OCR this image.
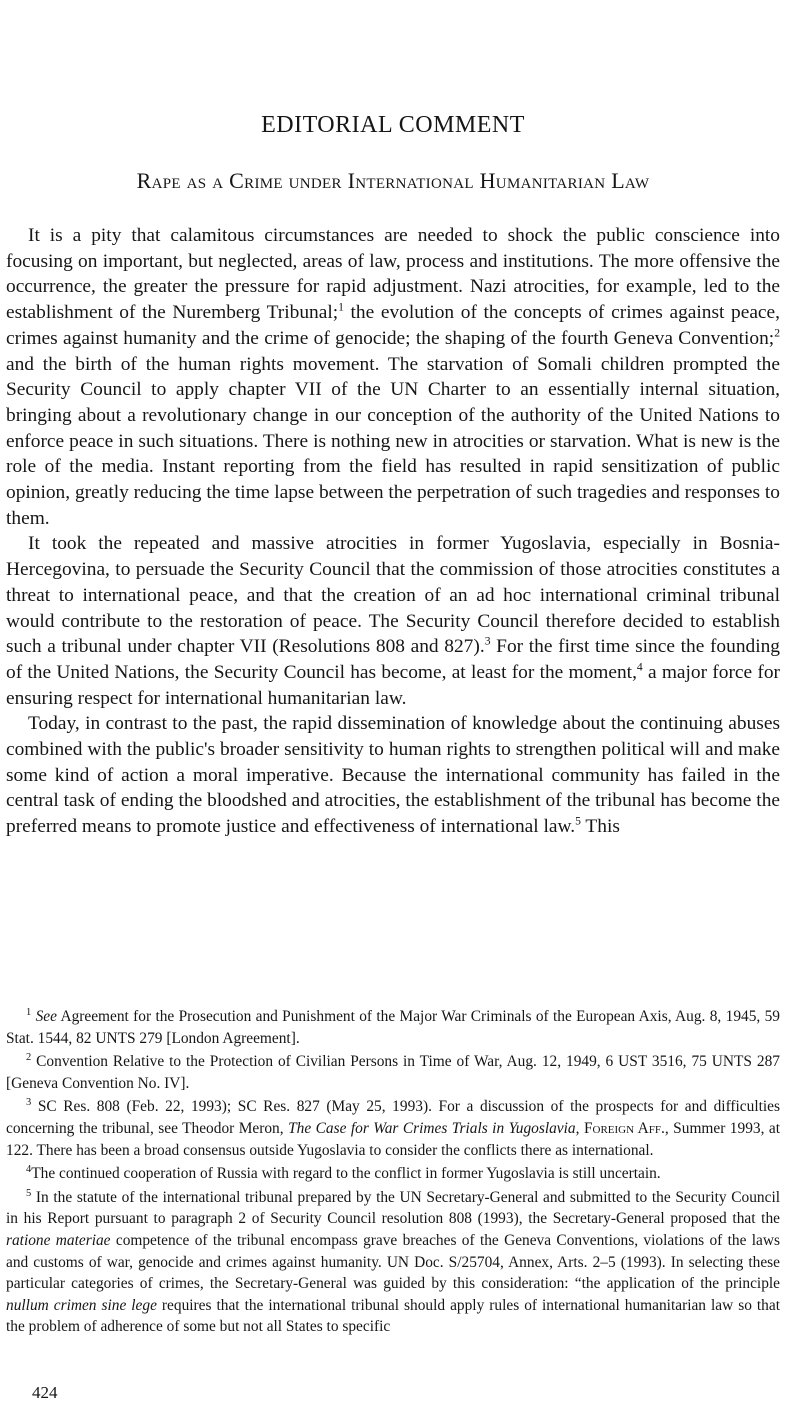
EDITORIAL COMMENT
Rape as a Crime under International Humanitarian Law

It is a pity that calamitous circumstances are needed to shock the public conscience into focusing on important, but neglected, areas of law, process and institutions. The more offensive the occurrence, the greater the pressure for rapid adjustment. Nazi atrocities, for example, led to the establishment of the Nuremberg Tribunal;$^1$ the evolution of the concepts of crimes against peace, crimes against humanity and the crime of genocide; the shaping of the fourth Geneva Convention;$^2$ and the birth of the human rights movement. The starvation of Somali children prompted the Security Council to apply chapter VII of the UN Charter to an essentially internal situation, bringing about a revolutionary change in our conception of the authority of the United Nations to enforce peace in such situations. There is nothing new in atrocities or starvation. What is new is the role of the media. Instant reporting from the field has resulted in rapid sensitization of public opinion, greatly reducing the time lapse between the perpetration of such tragedies and responses to them.

It took the repeated and massive atrocities in former Yugoslavia, especially in Bosnia-Hercegovina, to persuade the Security Council that the commission of those atrocities constitutes a threat to international peace, and that the creation of an ad hoc international criminal tribunal would contribute to the restoration of peace. The Security Council therefore decided to establish such a tribunal under chapter VII (Resolutions 808 and 827).$^3$ For the first time since the founding of the United Nations, the Security Council has become, at least for the moment,$^4$ a major force for ensuring respect for international humanitarian law.

Today, in contrast to the past, the rapid dissemination of knowledge about the continuing abuses combined with the public's broader sensitivity to human rights to strengthen political will and make some kind of action a moral imperative. Because the international community has failed in the central task of ending the bloodshed and atrocities, the establishment of the tribunal has become the preferred means to promote justice and effectiveness of international law.$^5$ This

$^1$ See Agreement for the Prosecution and Punishment of the Major War Criminals of the European Axis, Aug. 8, 1945, 59 Stat. 1544, 82 UNTS 279 [London Agreement].

$^2$ Convention Relative to the Protection of Civilian Persons in Time of War, Aug. 12, 1949, 6 UST 3516, 75 UNTS 287 [Geneva Convention No. IV].

$^3$ SC Res. 808 (Feb. 22, 1993); SC Res. 827 (May 25, 1993). For a discussion of the prospects for and difficulties concerning the tribunal, see Theodor Meron, The Case for War Crimes Trials in Yugoslavia, Foreign Aff., Summer 1993, at 122. There has been a broad consensus outside Yugoslavia to consider the conflicts there as international.

$^4$The continued cooperation of Russia with regard to the conflict in former Yugoslavia is still uncertain.

$^5$ In the statute of the international tribunal prepared by the UN Secretary-General and submitted to the Security Council in his Report pursuant to paragraph 2 of Security Council resolution 808 (1993), the Secretary-General proposed that the ratione materiae competence of the tribunal encompass grave breaches of the Geneva Conventions, violations of the laws and customs of war, genocide and crimes against humanity. UN Doc. S/25704, Annex, Arts. 2–5 (1993). In selecting these particular categories of crimes, the Secretary-General was guided by this consideration: “the application of the principle nullum crimen sine lege requires that the international tribunal should apply rules of international humanitarian law so that the problem of adherence of some but not all States to specific

424
